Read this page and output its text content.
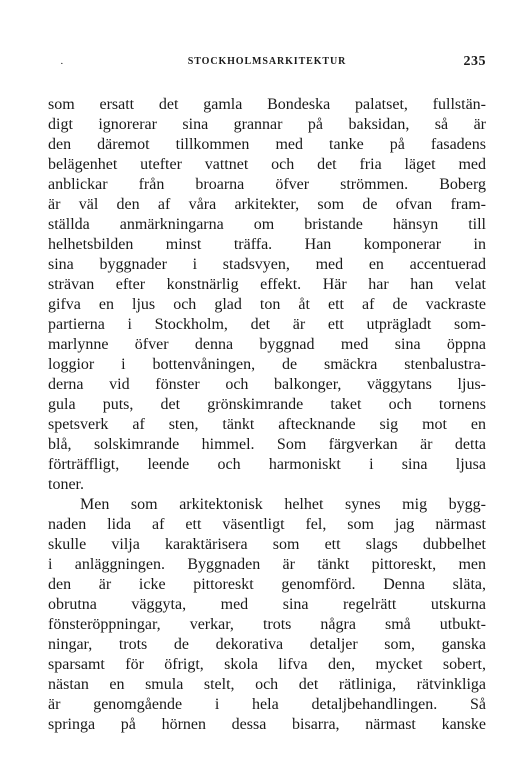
·	STOCKHOLMSARKITEKTUR	235
som ersatt det gamla Bondeska palatset, fullstän-
digt ignorerar sina grannar på baksidan, så är
den däremot tillkommen med tanke på fasadens
belägenhet utefter vattnet och det fria läget med
anblickar från broarna öfver strömmen. Boberg
är väl den af våra arkitekter, som de ofvan fram-
ställda anmärkningarna om bristande hänsyn till
helhetsbilden minst träffa. Han komponerar in
sina byggnader i stadsvyen, med en accentuerad
strävan efter konstnärlig effekt. Här har han velat
gifva en ljus och glad ton åt ett af de vackraste
partierna i Stockholm, det är ett utprägladt som-
marlynne öfver denna byggnad med sina öppna
loggior i bottenvåningen, de smäckra stenbalustra-
derna vid fönster och balkonger, väggytans ljus-
gula puts, det grönskimrande taket och tornens
spetsverk af sten, tänkt aftecknande sig mot en
blå, solskimrande himmel. Som färgverkan är detta
förträffligt, leende och harmoniskt i sina ljusa
toner.
Men som arkitektonisk helhet synes mig bygg-
naden lida af ett väsentligt fel, som jag närmast
skulle vilja karaktärisera som ett slags dubbelhet
i anläggningen. Byggnaden är tänkt pittoreskt, men
den är icke pittoreskt genomförd. Denna släta,
obrutna väggyta, med sina regelrätt utskurna
fönsteröppningar, verkar, trots några små utbukt-
ningar, trots de dekorativa detaljer som, ganska
sparsamt för öfrigt, skola lifva den, mycket sobert,
nästan en smula stelt, och det rätliniga, rätvinkliga
är genomgående i hela detaljbehandlingen. Så
springa på hörnen dessa bisarra, närmast kanske
